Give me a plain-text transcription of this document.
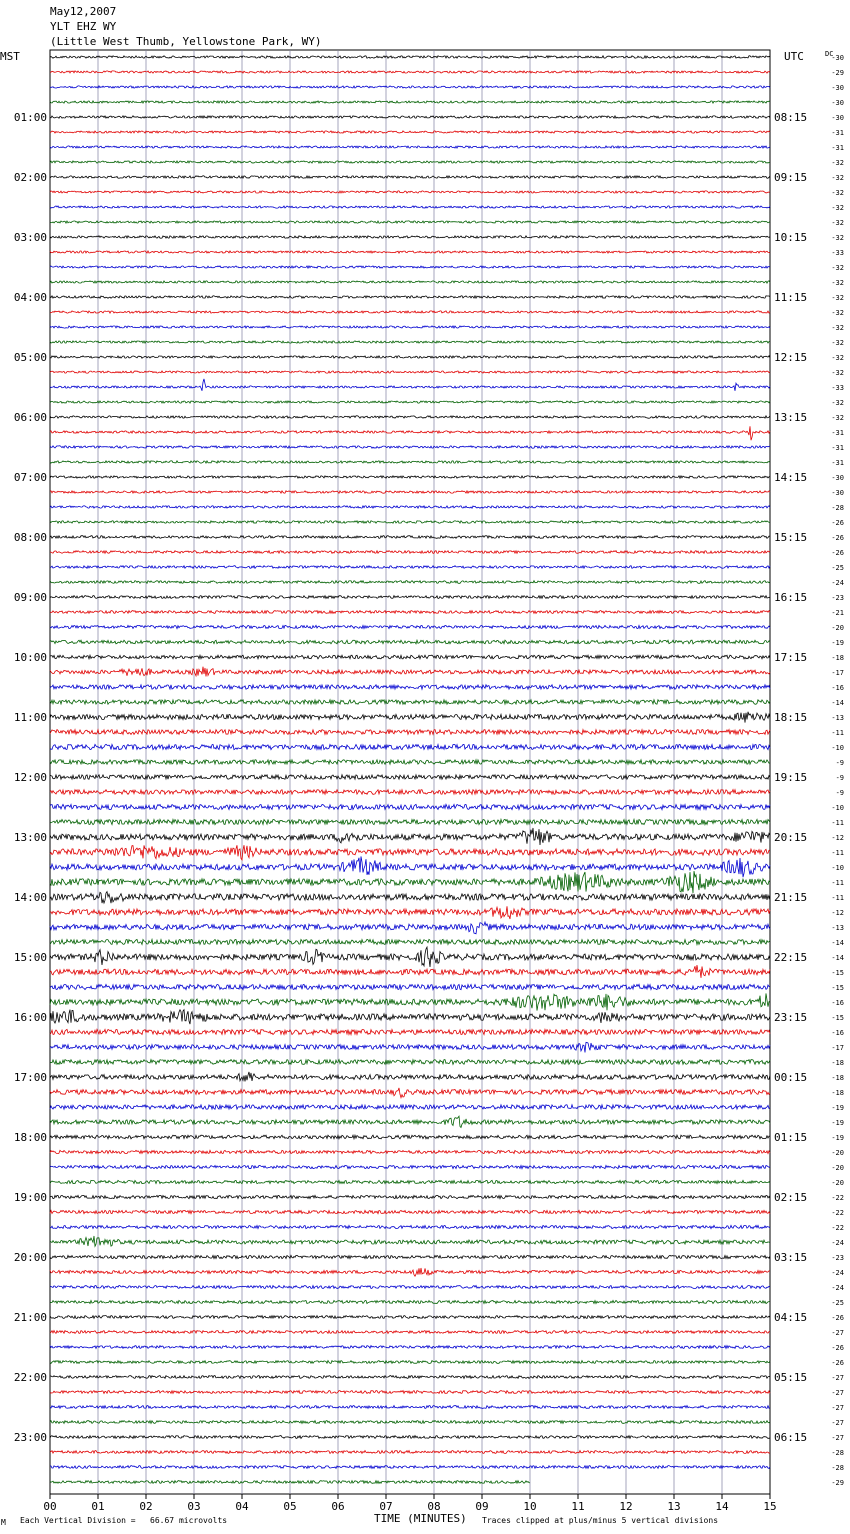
May12,2007
YLT EHZ WY
(Little West Thumb, Yellowstone Park, WY)
MST	UTC	DC
01:00
02:00
03:00
04:00
05:00
06:00
07:00
08:00
09:00
10:00
11:00
12:00
13:00
14:00
15:00
16:00
17:00
18:00
19:00
20:00
21:00
22:00
23:00
08:15
09:15
10:15
11:15
12:15
13:15
14:15
15:15
16:15
17:15
18:15
19:15
20:15
21:15
22:15
23:15
00:15
01:15
02:15
03:15
04:15
05:15
06:15
-30
-29
-30
-30
-30
-31
-31
-32
-32
-32
-32
-32
-32
-33
-32
-32
-32
-32
-32
-32
-32
-32
-33
-32
-32
-31
-31
-31
-30
-30
-28
-26
-26
-26
-25
-24
-23
-21
-20
-19
-18
-17
-16
-14
-13
-11
-10
-9
-9
-9
-10
-11
-12
-11
-10
-11
-11
-12
-13
-14
-14
-15
-15
-16
-15
-16
-17
-18
-18
-18
-19
-19
-19
-20
-20
-20
-22
-22
-22
-24
-23
-24
-24
-25
-26
-27
-26
-26
-27
-27
-27
-27
-27
-28
-28
-29
00	01	02	03	04	05	06	07	08	09	10	11	12	13	14	15
M Each Vertical Division =   66.67 microvolts	TIME (MINUTES) Traces clipped at plus/minus 5 vertical divisions
